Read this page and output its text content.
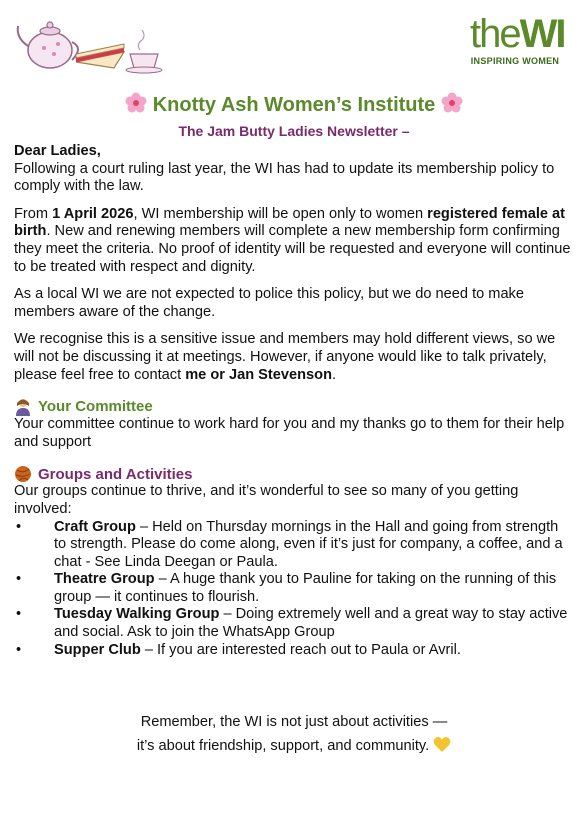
theWI
INSPIRING WOMEN
Knotty Ash Women’s Institute
The Jam Butty Ladies Newsletter –
Dear Ladies,

Following a court ruling last year, the WI has had to update its membership policy to comply with the law.

From 1 April 2026, WI membership will be open only to women registered female at birth. New and renewing members will complete a new membership form confirming they meet the criteria. No proof of identity will be requested and everyone will continue to be treated with respect and dignity.

As a local WI we are not expected to police this policy, but we do need to make members aware of the change.

We recognise this is a sensitive issue and members may hold different views, so we will not be discussing it at meetings. However, if anyone would like to talk privately, please feel free to contact me or Jan Stevenson.

Your Committee

Your committee continue to work hard for you and my thanks go to them for their help and support

Groups and Activities
Our groups continue to thrive, and it’s wonderful to see so many of you getting involved:
• Craft Group – Held on Thursday mornings in the Hall and going from strength to strength. Please do come along, even if it’s just for company, a coffee, and a chat - See Linda Deegan or Paula.
• Theatre Group – A huge thank you to Pauline for taking on the running of this group — it continues to flourish.
• Tuesday Walking Group – Doing extremely well and a great way to stay active and social. Ask to join the WhatsApp Group
• Supper Club – If you are interested reach out to Paula or Avril.
Remember, the WI is not just about activities —
it’s about friendship, support, and community.
